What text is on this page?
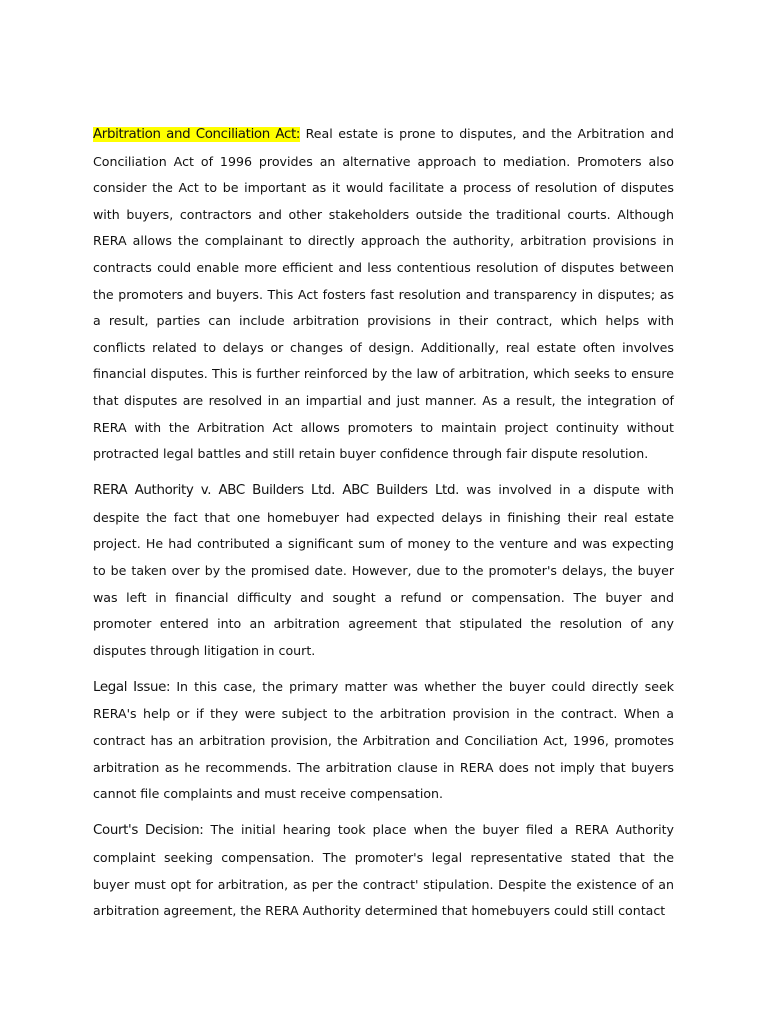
Arbitration and Conciliation Act: Real estate is prone to disputes, and the Arbitration and Conciliation Act of 1996 provides an alternative approach to mediation. Promoters also consider the Act to be important as it would facilitate a process of resolution of disputes with buyers, contractors and other stakeholders outside the traditional courts. Although RERA allows the complainant to directly approach the authority, arbitration provisions in contracts could enable more efficient and less contentious resolution of disputes between the promoters and buyers. This Act fosters fast resolution and transparency in disputes; as a result, parties can include arbitration provisions in their contract, which helps with conflicts related to delays or changes of design. Additionally, real estate often involves financial disputes. This is further reinforced by the law of arbitration, which seeks to ensure that disputes are resolved in an impartial and just manner. As a result, the integration of RERA with the Arbitration Act allows promoters to maintain project continuity without protracted legal battles and still retain buyer confidence through fair dispute resolution.

RERA Authority v. ABC Builders Ltd. ABC Builders Ltd. was involved in a dispute with despite the fact that one homebuyer had expected delays in finishing their real estate project. He had contributed a significant sum of money to the venture and was expecting to be taken over by the promised date. However, due to the promoter's delays, the buyer was left in financial difficulty and sought a refund or compensation. The buyer and promoter entered into an arbitration agreement that stipulated the resolution of any disputes through litigation in court.

Legal Issue: In this case, the primary matter was whether the buyer could directly seek RERA's help or if they were subject to the arbitration provision in the contract. When a contract has an arbitration provision, the Arbitration and Conciliation Act, 1996, promotes arbitration as he recommends. The arbitration clause in RERA does not imply that buyers cannot file complaints and must receive compensation.

Court's Decision: The initial hearing took place when the buyer filed a RERA Authority complaint seeking compensation. The promoter's legal representative stated that the buyer must opt for arbitration, as per the contract' stipulation. Despite the existence of an arbitration agreement, the RERA Authority determined that homebuyers could still contact
